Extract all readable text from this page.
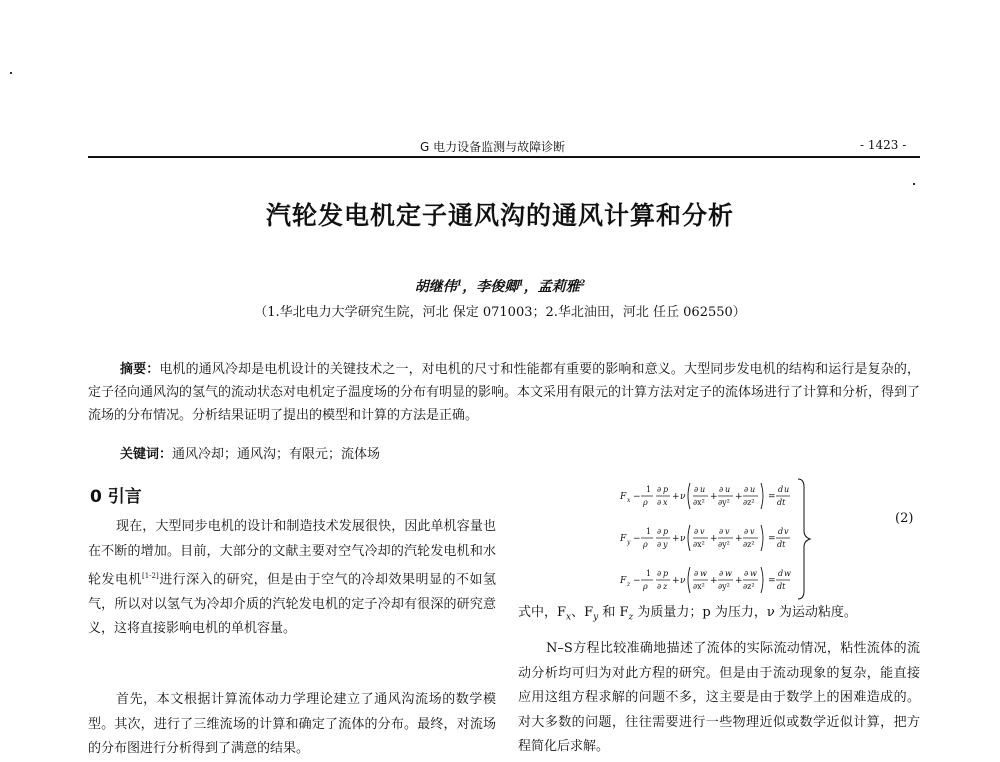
G 电力设备监测与故障诊断	- 1423 -
汽轮发电机定子通风沟的通风计算和分析
胡继伟$^1$，李俊卿$^1$，孟莉雅$^2$
（1.华北电力大学研究生院，河北 保定 071003；2.华北油田，河北 任丘 062550）
摘要：电机的通风冷却是电机设计的关键技术之一，对电机的尺寸和性能都有重要的影响和意义。大型同步发电机的结构和运行是复杂的，定子径向通风沟的氢气的流动状态对电机定子温度场的分布有明显的影响。本文采用有限元的计算方法对定子的流体场进行了计算和分析，得到了流场的分布情况。分析结果证明了提出的模型和计算的方法是正确。
关键词：通风冷却；通风沟；有限元；流体场
0 引言
现在，大型同步电机的设计和制造技术发展很快，因此单机容量也在不断的增加。目前，大部分的文献主要对空气冷却的汽轮发电机和水轮发电机[1-2]进行深入的研究，但是由于空气的冷却效果明显的不如氢气，所以对以氢气为冷却介质的汽轮发电机的定子冷却有很深的研究意义，这将直接影响电机的单机容量。
首先，本文根据计算流体动力学理论建立了通风沟流场的数学模型。其次，进行了三维流场的计算和确定了流体的分布。最终，对流场的分布图进行分析得到了满意的结果。
F x −
1
ρ
∂ p
∂ x
+ ν
∂ u
∂x²
+
∂ u
∂y²
+
∂ u
∂z²
=
d u
dt
F y −
1
ρ
∂ p
∂ y
+ ν
∂ v
∂x²
+
∂ v
∂y²
+
∂ v
∂z²
=
d v
dt
F z −
1
ρ
∂ p
∂ z
+ ν
∂ w
∂x²
+
∂ w
∂y²
+
∂ w
∂z²
=
d w
dt
(2)
式中，$F_x$、$F_y$ 和 $F_z$ 为质量力；p 为压力，ν 为运动粘度。
N–S方程比较准确地描述了流体的实际流动情况，粘性流体的流动分析均可归为对此方程的研究。但是由于流动现象的复杂，能直接应用这组方程求解的问题不多，这主要是由于数学上的困难造成的。对大多数的问题，往往需要进行一些物理近似或数学近似计算，把方程简化后求解。
